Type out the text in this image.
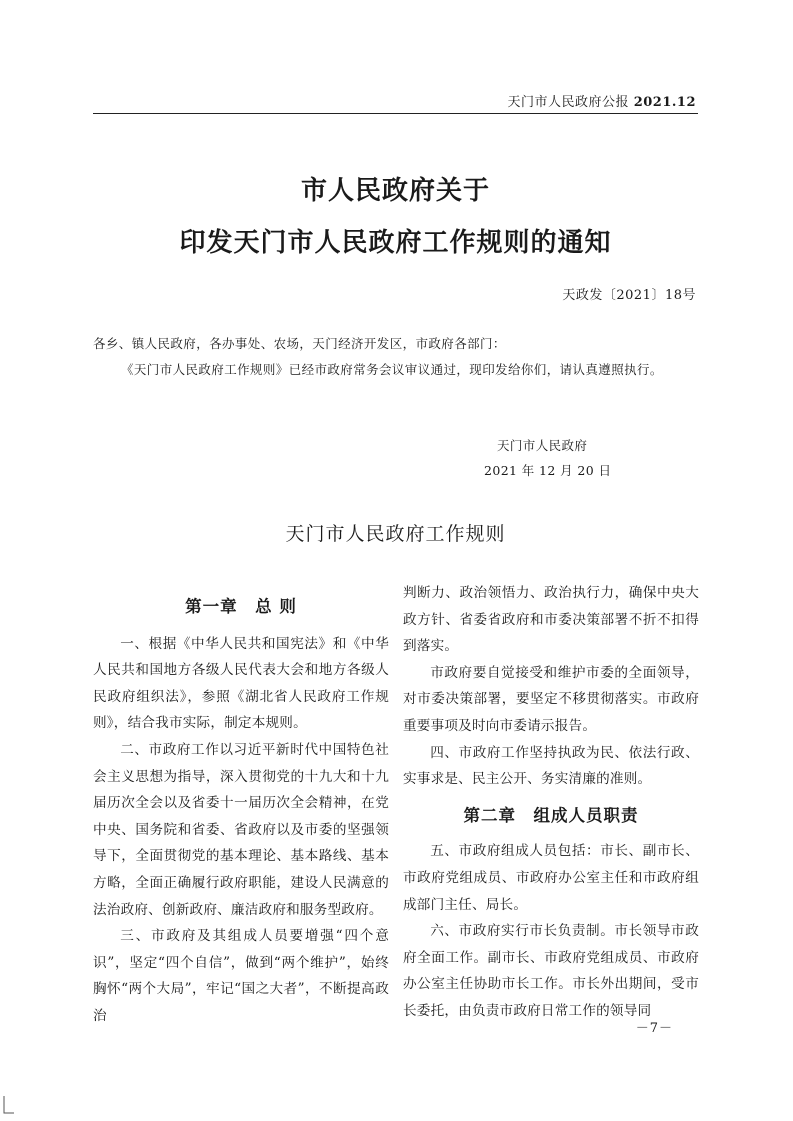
天门市人民政府公报 2021.12
市人民政府关于
印发天门市人民政府工作规则的通知
天政发〔2021〕18号
各乡、镇人民政府，各办事处、农场，天门经济开发区，市政府各部门：
《天门市人民政府工作规则》已经市政府常务会议审议通过，现印发给你们，请认真遵照执行。
天门市人民政府
2021 年 12 月 20 日
天门市人民政府工作规则
第一章　总 则

一、根据《中华人民共和国宪法》和《中华人民共和国地方各级人民代表大会和地方各级人民政府组织法》，参照《湖北省人民政府工作规则》，结合我市实际，制定本规则。

二、市政府工作以习近平新时代中国特色社会主义思想为指导，深入贯彻党的十九大和十九届历次全会以及省委十一届历次全会精神，在党中央、国务院和省委、省政府以及市委的坚强领导下，全面贯彻党的基本理论、基本路线、基本方略，全面正确履行政府职能，建设人民满意的法治政府、创新政府、廉洁政府和服务型政府。

三、市政府及其组成人员要增强“四个意识”，坚定“四个自信”，做到“两个维护”，始终胸怀“两个大局”，牢记“国之大者”，不断提高政治

判断力、政治领悟力、政治执行力，确保中央大政方针、省委省政府和市委决策部署不折不扣得到落实。

市政府要自觉接受和维护市委的全面领导，对市委决策部署，要坚定不移贯彻落实。市政府重要事项及时向市委请示报告。

四、市政府工作坚持执政为民、依法行政、实事求是、民主公开、务实清廉的准则。

第二章　组成人员职责

五、市政府组成人员包括：市长、副市长、市政府党组成员、市政府办公室主任和市政府组成部门主任、局长。

六、市政府实行市长负责制。市长领导市政府全面工作。副市长、市政府党组成员、市政府办公室主任协助市长工作。市长外出期间，受市长委托，由负责市政府日常工作的领导同

－7－
